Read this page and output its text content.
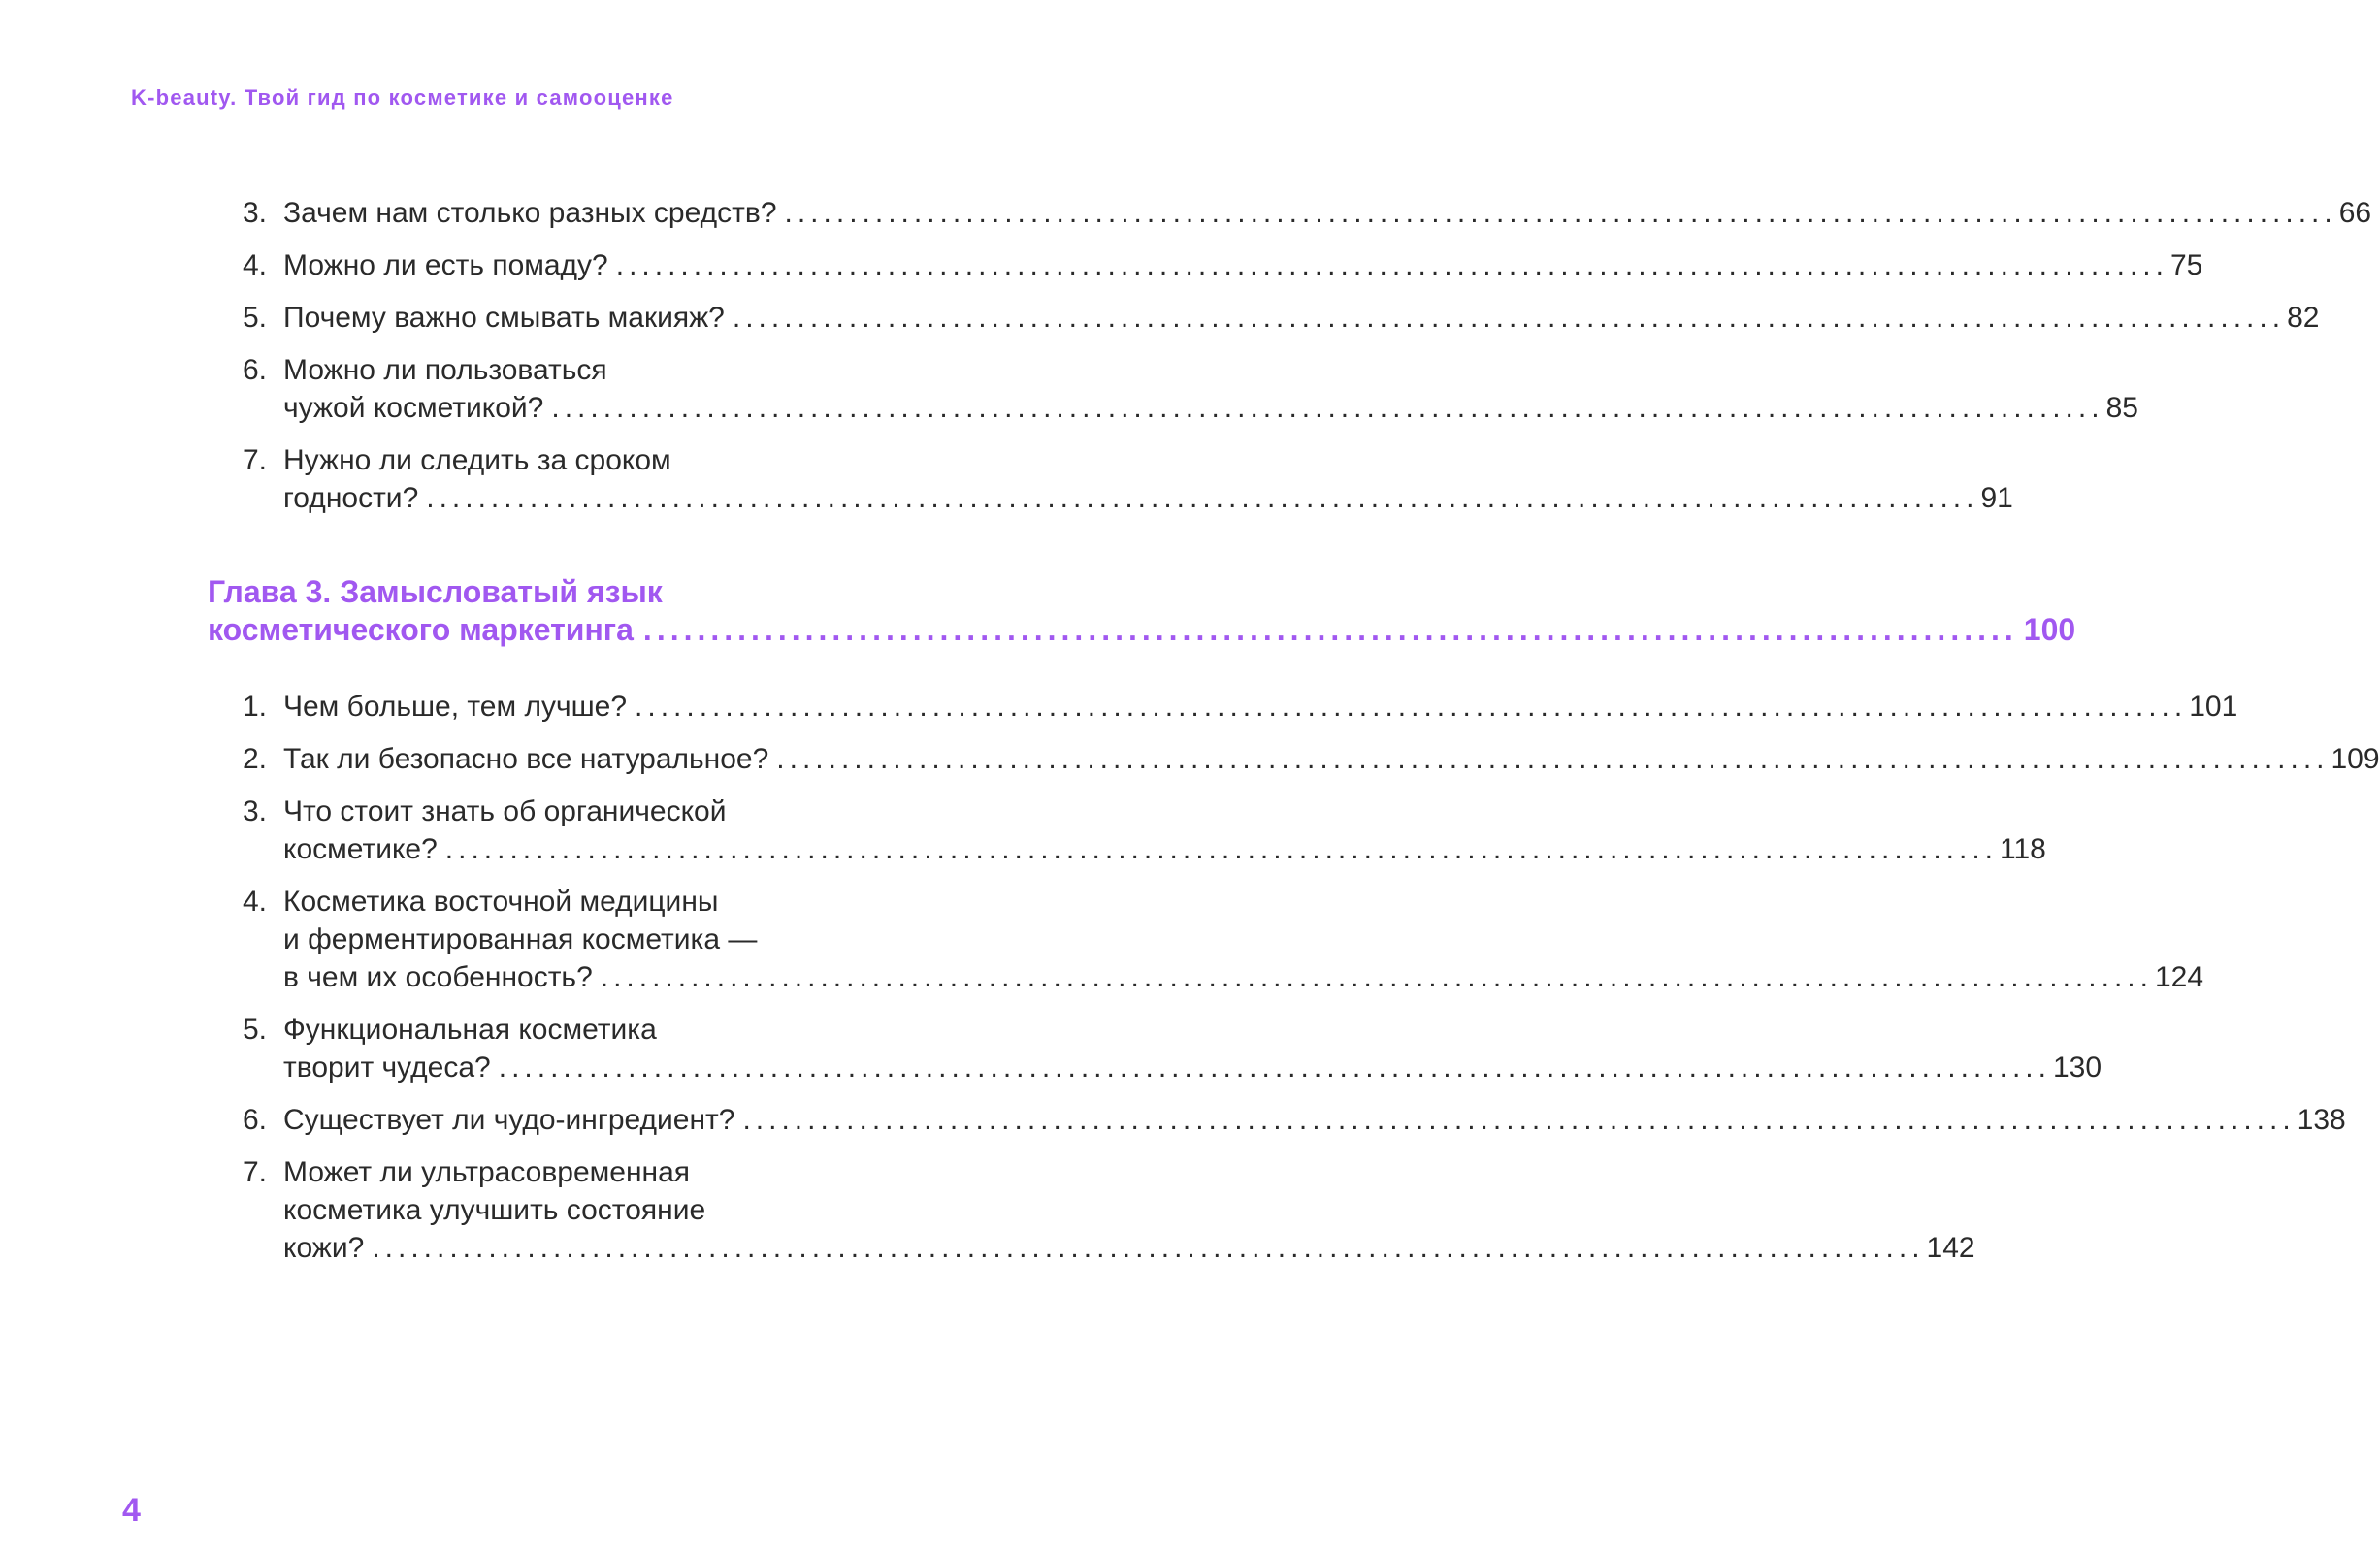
K-beauty. Твой гид по косметике и самооценке
3. Зачем нам столько разных средств? ........................................................................................................................ 66
4. Можно ли есть помаду? ........................................................................................................................ 75
5. Почему важно смывать макияж? ........................................................................................................................ 82
6. Можно ли пользоваться
чужой косметикой? ........................................................................................................................ 85
7. Нужно ли следить за сроком
годности? ........................................................................................................................ 91
Глава 3. Замысловатый язык
косметического маркетинга ...................................................................................................... 100
1. Чем больше, тем лучше? ........................................................................................................................ 101
2. Так ли безопасно все натуральное? ........................................................................................................................ 109
3. Что стоит знать об органической
косметике? ........................................................................................................................ 118
4. Косметика восточной медицины
и ферментированная косметика —
в чем их особенность? ........................................................................................................................ 124
5. Функциональная косметика
творит чудеса? ........................................................................................................................ 130
6. Существует ли чудо-ингредиент? ........................................................................................................................ 138
7. Может ли ультрасовременная
косметика улучшить состояние
кожи? ........................................................................................................................ 142
4
